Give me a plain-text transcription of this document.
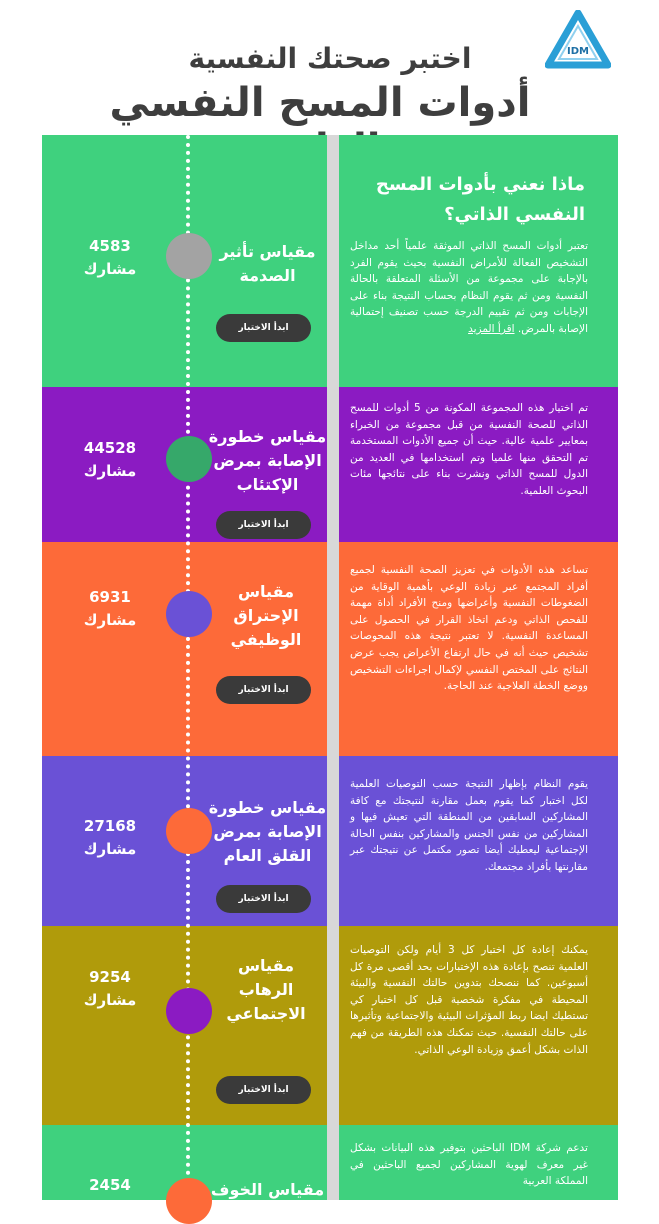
IDM
اختبر صحتك النفسية
أدوات المسح النفسي
ماذا نعني بأدوات المسح النفسي الذاتي؟
تعتبر أدوات المسح الذاتي الموثقة علمياً أحد مداخل التشخيص الفعالة للأمراض النفسية بحيث يقوم الفرد بالإجابة على مجموعة من الأسئلة المتعلقة بالحالة النفسية ومن ثم يقوم النظام بحساب النتيجة بناء على الإجابات ومن ثم تقييم الدرجة حسب تصنيف إحتمالية الإصابة بالمرض. اقرأ المزيد
4583
مشارك
مقياس تأثير الصدمة
ابدأ الاختبار
تم اختيار هذه المجموعة المكونة من 5 أدوات للمسح الذاتي للصحة النفسية من قبل مجموعة من الخبراء بمعايير علمية عالية. حيث أن جميع الأدوات المستخدمة تم التحقق منها علميا وتم استخدامها في العديد من الدول للمسح الذاتي ونشرت بناء على نتائجها مئات البحوث العلمية.
44528
مشارك
مقياس خطورة الإصابة بمرض الإكتئاب
ابدأ الاختبار
تساعد هذه الأدوات في تعزيز الصحة النفسية لجميع أفراد المجتمع عبر زيادة الوعي بأهمية الوقاية من الضغوطات النفسية وأعراضها ومنح الأفراد أداة مهمة للفحص الذاتي ودعم اتخاذ القرار في الحصول على المساعدة النفسية. لا تعتبر نتيجة هذه المحوصات تشخيص حيث أنه في حال ارتفاع الأعراض يجب عرض النتائج على المختص النفسي لإكمال اجراءات التشخيص ووضع الخطة العلاجية عند الحاجة.
6931
مشارك
مقياس الإحتراق الوظيفي
ابدأ الاختبار
يقوم النظام بإظهار النتيجة حسب التوصيات العلمية لكل اختبار كما يقوم بعمل مقارنة لنتيجتك مع كافة المشاركين السابقين من المنطقة التي تعيش فيها و المشاركين من نفس الجنس والمشاركين بنفس الحالة الإجتماعية ليعطيك أيضا تصور مكتمل عن نتيجتك عبر مقارنتها بأفراد مجتمعك.
27168
مشارك
مقياس خطورة الإصابة بمرض القلق العام
ابدأ الاختبار
يمكنك إعادة كل اختبار كل 3 أيام ولكن التوصيات العلمية تنصح بإعادة هذه الإختبارات بحد أقصى مرة كل أسبوعين. كما ننصحك بتدوين حالتك النفسية والبيئة المحيطة في مفكرة شخصية قبل كل اختبار كي تستطيك ايضا ربط المؤثرات البيئية والاجتماعية وتأثيرها على حالتك النفسية. حيث تمكنك هذه الطريقة من فهم الذات بشكل أعمق وزيادة الوعي الذاتي.
9254
مشارك
مقياس الرهاب الاجتماعي
ابدأ الاختبار
تدعم شركة IDM الباحثين بتوفير هذه البيانات بشكل غير معرف لهوية المشاركين لجميع الباحثين في المملكة العربية
2454	مقياس الخوف
